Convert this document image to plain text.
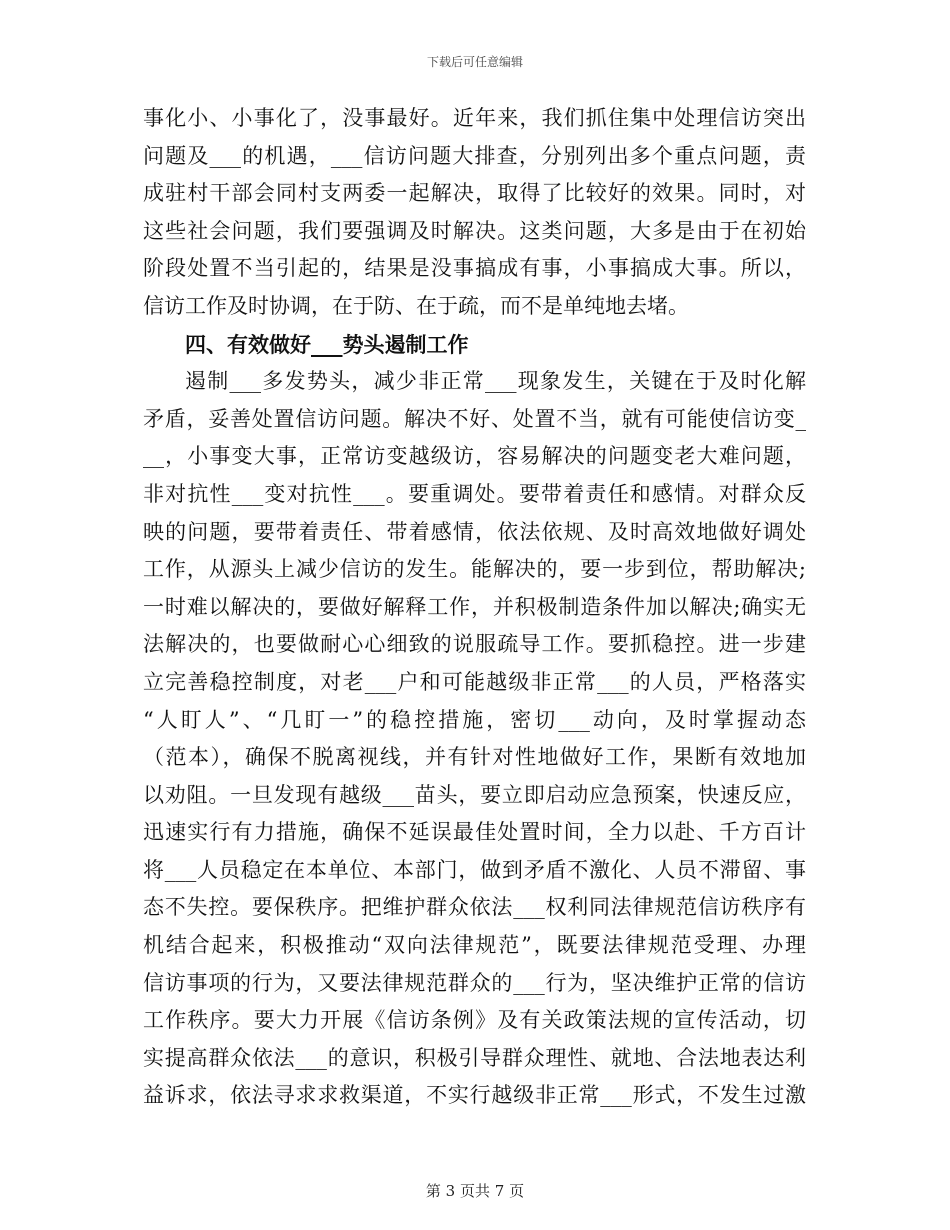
下载后可任意编辑
事化小、小事化了，没事最好。近年来，我们抓住集中处理信访突出
问题及___的机遇，___信访问题大排查，分别列出多个重点问题，责
成驻村干部会同村支两委一起解决，取得了比较好的效果。同时，对
这些社会问题，我们要强调及时解决。这类问题，大多是由于在初始
阶段处置不当引起的，结果是没事搞成有事，小事搞成大事。所以，
信访工作及时协调，在于防、在于疏，而不是单纯地去堵。
四、有效做好___势头遏制工作
遏制___多发势头，减少非正常___现象发生，关键在于及时化解
矛盾，妥善处置信访问题。解决不好、处置不当，就有可能使信访变_
__，小事变大事，正常访变越级访，容易解决的问题变老大难问题，
非对抗性___变对抗性___。要重调处。要带着责任和感情。对群众反
映的问题，要带着责任、带着感情，依法依规、及时高效地做好调处
工作，从源头上减少信访的发生。能解决的，要一步到位，帮助解决;
一时难以解决的，要做好解释工作，并积极制造条件加以解决;确实无
法解决的，也要做耐心心细致的说服疏导工作。要抓稳控。进一步建
立完善稳控制度，对老___户和可能越级非正常___的人员，严格落实
“人盯人”、“几盯一”的稳控措施，密切___动向，及时掌握动态
（范本），确保不脱离视线，并有针对性地做好工作，果断有效地加
以劝阻。一旦发现有越级___苗头，要立即启动应急预案，快速反应，
迅速实行有力措施，确保不延误最佳处置时间，全力以赴、千方百计
将___人员稳定在本单位、本部门，做到矛盾不激化、人员不滞留、事
态不失控。要保秩序。把维护群众依法___权利同法律规范信访秩序有
机结合起来，积极推动“双向法律规范”，既要法律规范受理、办理
信访事项的行为，又要法律规范群众的___行为，坚决维护正常的信访
工作秩序。要大力开展《信访条例》及有关政策法规的宣传活动，切
实提高群众依法___的意识，积极引导群众理性、就地、合法地表达利
益诉求，依法寻求求救渠道，不实行越级非正常___形式，不发生过激
第 3 页共 7 页
